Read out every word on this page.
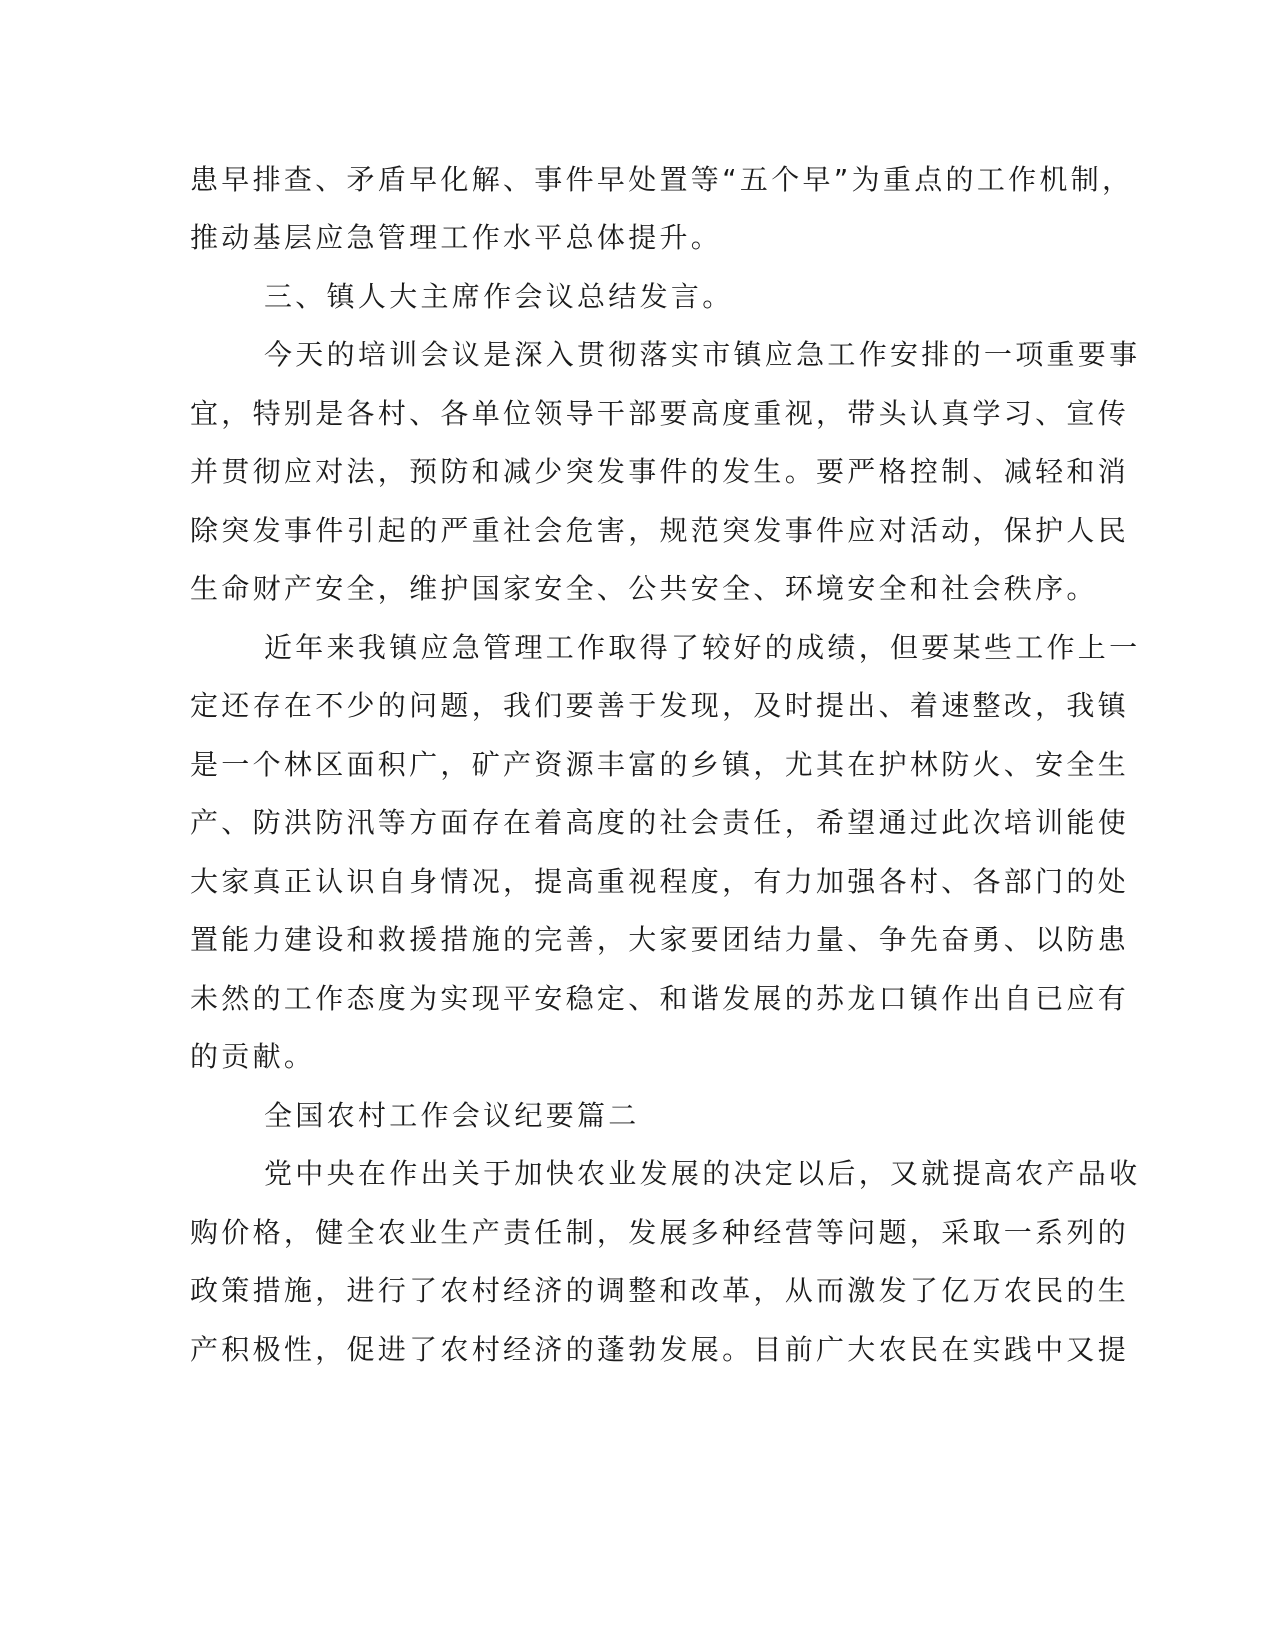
患早排查、矛盾早化解、事件早处置等“五个早”为重点的工作机制，
推动基层应急管理工作水平总体提升。
三、镇人大主席作会议总结发言。
今天的培训会议是深入贯彻落实市镇应急工作安排的一项重要事
宜，特别是各村、各单位领导干部要高度重视，带头认真学习、宣传
并贯彻应对法，预防和减少突发事件的发生。要严格控制、减轻和消
除突发事件引起的严重社会危害，规范突发事件应对活动，保护人民
生命财产安全，维护国家安全、公共安全、环境安全和社会秩序。
近年来我镇应急管理工作取得了较好的成绩，但要某些工作上一
定还存在不少的问题，我们要善于发现，及时提出、着速整改，我镇
是一个林区面积广，矿产资源丰富的乡镇，尤其在护林防火、安全生
产、防洪防汛等方面存在着高度的社会责任，希望通过此次培训能使
大家真正认识自身情况，提高重视程度，有力加强各村、各部门的处
置能力建设和救援措施的完善，大家要团结力量、争先奋勇、以防患
未然的工作态度为实现平安稳定、和谐发展的苏龙口镇作出自已应有
的贡献。
全国农村工作会议纪要篇二
党中央在作出关于加快农业发展的决定以后，又就提高农产品收
购价格，健全农业生产责任制，发展多种经营等问题，采取一系列的
政策措施，进行了农村经济的调整和改革，从而激发了亿万农民的生
产积极性，促进了农村经济的蓬勃发展。目前广大农民在实践中又提
